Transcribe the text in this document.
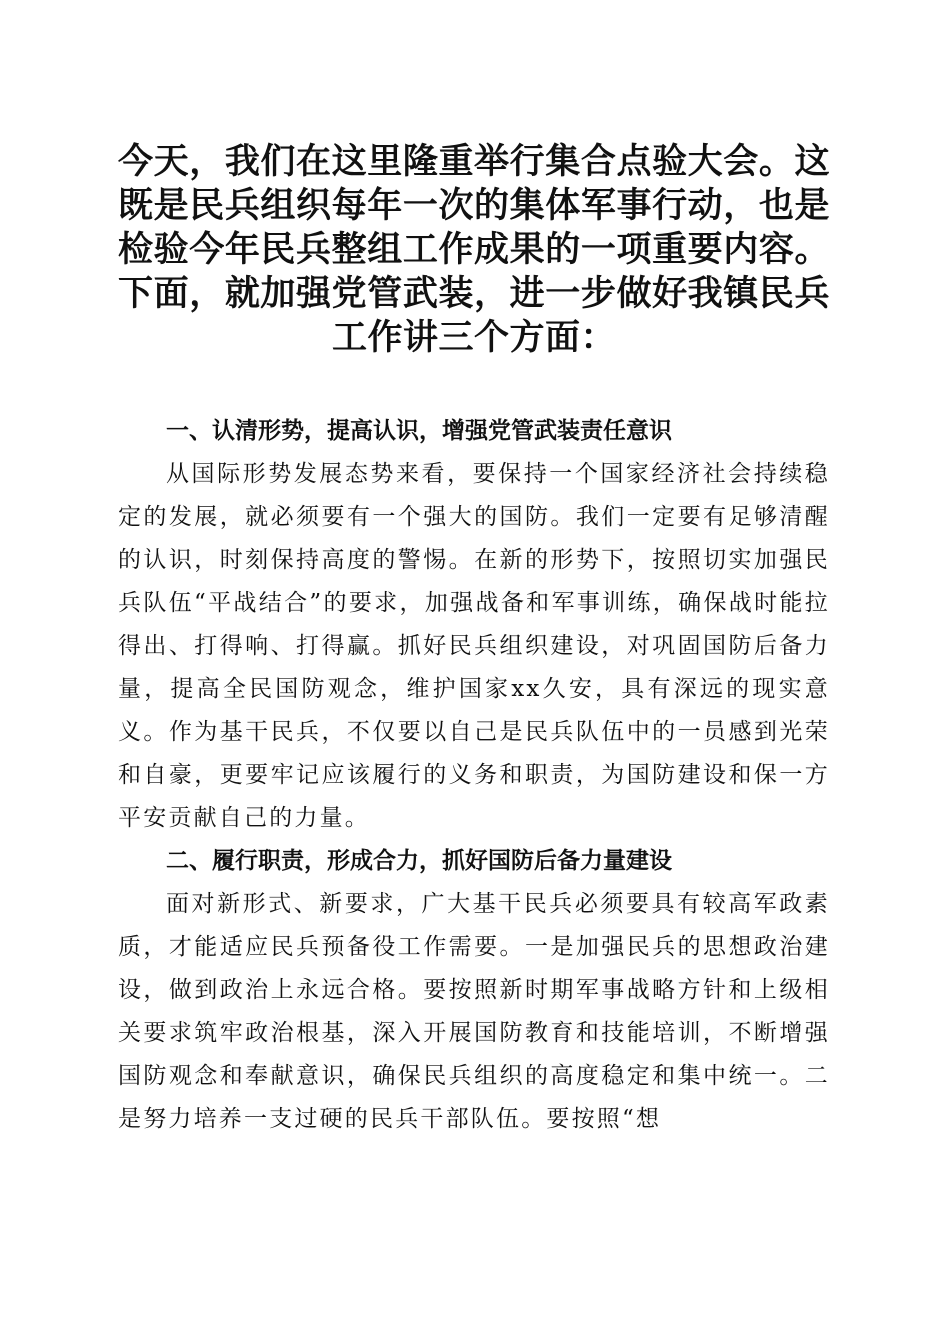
今天，我们在这里隆重举行集合点验大会。这既是民兵组织每年一次的集体军事行动，也是检验今年民兵整组工作成果的一项重要内容。下面，就加强党管武装，进一步做好我镇民兵工作讲三个方面：

一、认清形势，提高认识，增强党管武装责任意识

从国际形势发展态势来看，要保持一个国家经济社会持续稳定的发展，就必须要有一个强大的国防。我们一定要有足够清醒的认识，时刻保持高度的警惕。在新的形势下，按照切实加强民兵队伍“平战结合”的要求，加强战备和军事训练，确保战时能拉得出、打得响、打得赢。抓好民兵组织建设，对巩固国防后备力量，提高全民国防观念，维护国家xx久安，具有深远的现实意义。作为基干民兵，不仅要以自己是民兵队伍中的一员感到光荣和自豪，更要牢记应该履行的义务和职责，为国防建设和保一方平安贡献自己的力量。

二、履行职责，形成合力，抓好国防后备力量建设

面对新形式、新要求，广大基干民兵必须要具有较高军政素质，才能适应民兵预备役工作需要。一是加强民兵的思想政治建设，做到政治上永远合格。要按照新时期军事战略方针和上级相关要求筑牢政治根基，深入开展国防教育和技能培训，不断增强国防观念和奉献意识，确保民兵组织的高度稳定和集中统一。二是努力培养一支过硬的民兵干部队伍。要按照“想
